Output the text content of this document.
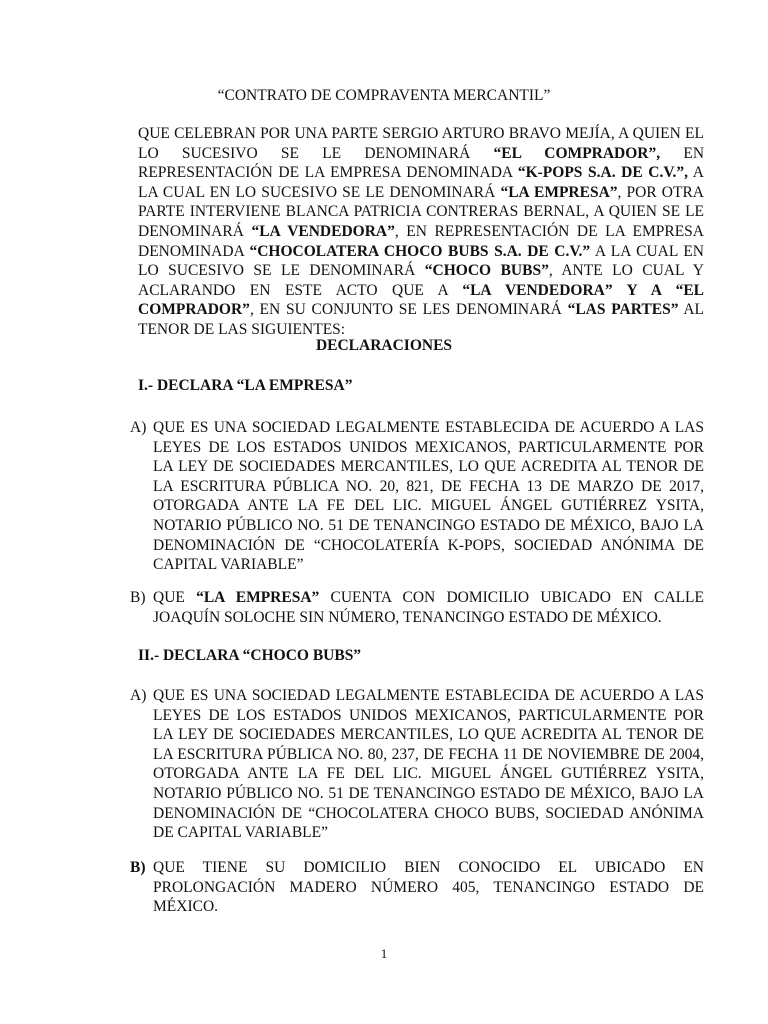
“CONTRATO DE COMPRAVENTA MERCANTIL”
QUE CELEBRAN POR UNA PARTE SERGIO ARTURO BRAVO MEJÍA, A QUIEN EL LO SUCESIVO SE LE DENOMINARÁ “EL COMPRADOR”, EN REPRESENTACIÓN DE LA EMPRESA DENOMINADA “K-POPS S.A. DE C.V.”, A LA CUAL EN LO SUCESIVO SE LE DENOMINARÁ “LA EMPRESA”, POR OTRA PARTE INTERVIENE BLANCA PATRICIA CONTRERAS BERNAL, A QUIEN SE LE DENOMINARÁ “LA VENDEDORA”, EN REPRESENTACIÓN DE LA EMPRESA DENOMINADA “CHOCOLATERA CHOCO BUBS S.A. DE C.V.” A LA CUAL EN LO SUCESIVO SE LE DENOMINARÁ “CHOCO BUBS”, ANTE LO CUAL Y ACLARANDO EN ESTE ACTO QUE A “LA VENDEDORA” Y A “EL COMPRADOR”, EN SU CONJUNTO SE LES DENOMINARÁ “LAS PARTES” AL TENOR DE LAS SIGUIENTES:
DECLARACIONES
I.- DECLARA “LA EMPRESA”
A) QUE ES UNA SOCIEDAD LEGALMENTE ESTABLECIDA DE ACUERDO A LAS LEYES DE LOS ESTADOS UNIDOS MEXICANOS, PARTICULARMENTE POR LA LEY DE SOCIEDADES MERCANTILES, LO QUE ACREDITA AL TENOR DE LA ESCRITURA PÚBLICA NO. 20, 821, DE FECHA 13 DE MARZO DE 2017, OTORGADA ANTE LA FE DEL LIC. MIGUEL ÁNGEL GUTIÉRREZ YSITA, NOTARIO PÚBLICO NO. 51 DE TENANCINGO ESTADO DE MÉXICO, BAJO LA DENOMINACIÓN DE “CHOCOLATERÍA K-POPS, SOCIEDAD ANÓNIMA DE CAPITAL VARIABLE”
B) QUE “LA EMPRESA” CUENTA CON DOMICILIO UBICADO EN CALLE JOAQUÍN SOLOCHE SIN NÚMERO, TENANCINGO ESTADO DE MÉXICO.
II.- DECLARA “CHOCO BUBS”
A) QUE ES UNA SOCIEDAD LEGALMENTE ESTABLECIDA DE ACUERDO A LAS LEYES DE LOS ESTADOS UNIDOS MEXICANOS, PARTICULARMENTE POR LA LEY DE SOCIEDADES MERCANTILES, LO QUE ACREDITA AL TENOR DE LA ESCRITURA PÚBLICA NO. 80, 237, DE FECHA 11 DE NOVIEMBRE DE 2004, OTORGADA ANTE LA FE DEL LIC. MIGUEL ÁNGEL GUTIÉRREZ YSITA, NOTARIO PÚBLICO NO. 51 DE TENANCINGO ESTADO DE MÉXICO, BAJO LA DENOMINACIÓN DE “CHOCOLATERA CHOCO BUBS, SOCIEDAD ANÓNIMA DE CAPITAL VARIABLE”
B) QUE TIENE SU DOMICILIO BIEN CONOCIDO EL UBICADO EN PROLONGACIÓN MADERO NÚMERO 405, TENANCINGO ESTADO DE MÉXICO.
1
